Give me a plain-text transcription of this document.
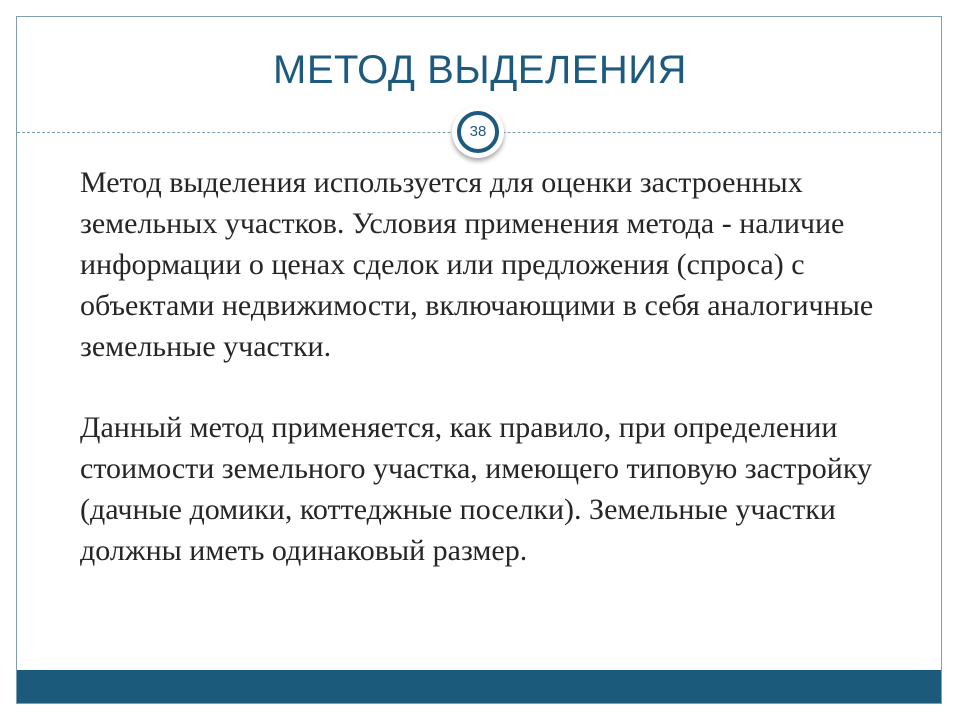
МЕТОД ВЫДЕЛЕНИЯ
38

Метод выделения используется для оценки застроенных земельных участков. Условия применения метода - наличие информации о ценах сделок или предложения (спроса) с объектами недвижимости, включающими в себя аналогичные земельные участки.

Данный метод применяется, как правило, при определении стоимости земельного участка, имеющего типовую застройку (дачные домики, коттеджные поселки). Земельные участки должны иметь одинаковый размер.
